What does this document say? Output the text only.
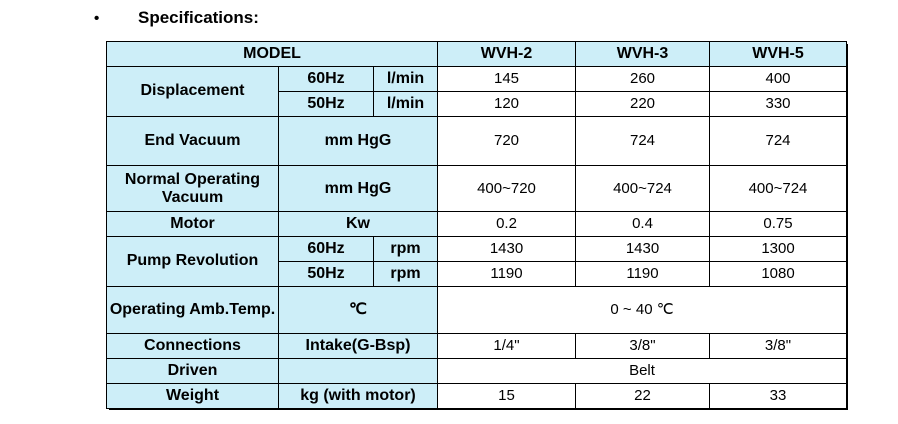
•	Specifications:
MODEL			WVH-2	WVH-3	WVH-5
Displacement	60Hz	l/min	145	260	400
	50Hz	l/min	120	220	330
End Vacuum	mm HgG		720	724	724
Normal Operating Vacuum	mm HgG		400~720	400~724	400~724
Motor	Kw		0.2	0.4	0.75
Pump Revolution	60Hz	rpm	1430	1430	1300
	50Hz	rpm	1190	1190	1080
Operating Amb.Temp.	℃		0 ~ 40 ℃		
Connections	Intake(G-Bsp)		1/4"	3/8"	3/8"
Driven			Belt		
Weight	kg (with motor)		15	22	33
